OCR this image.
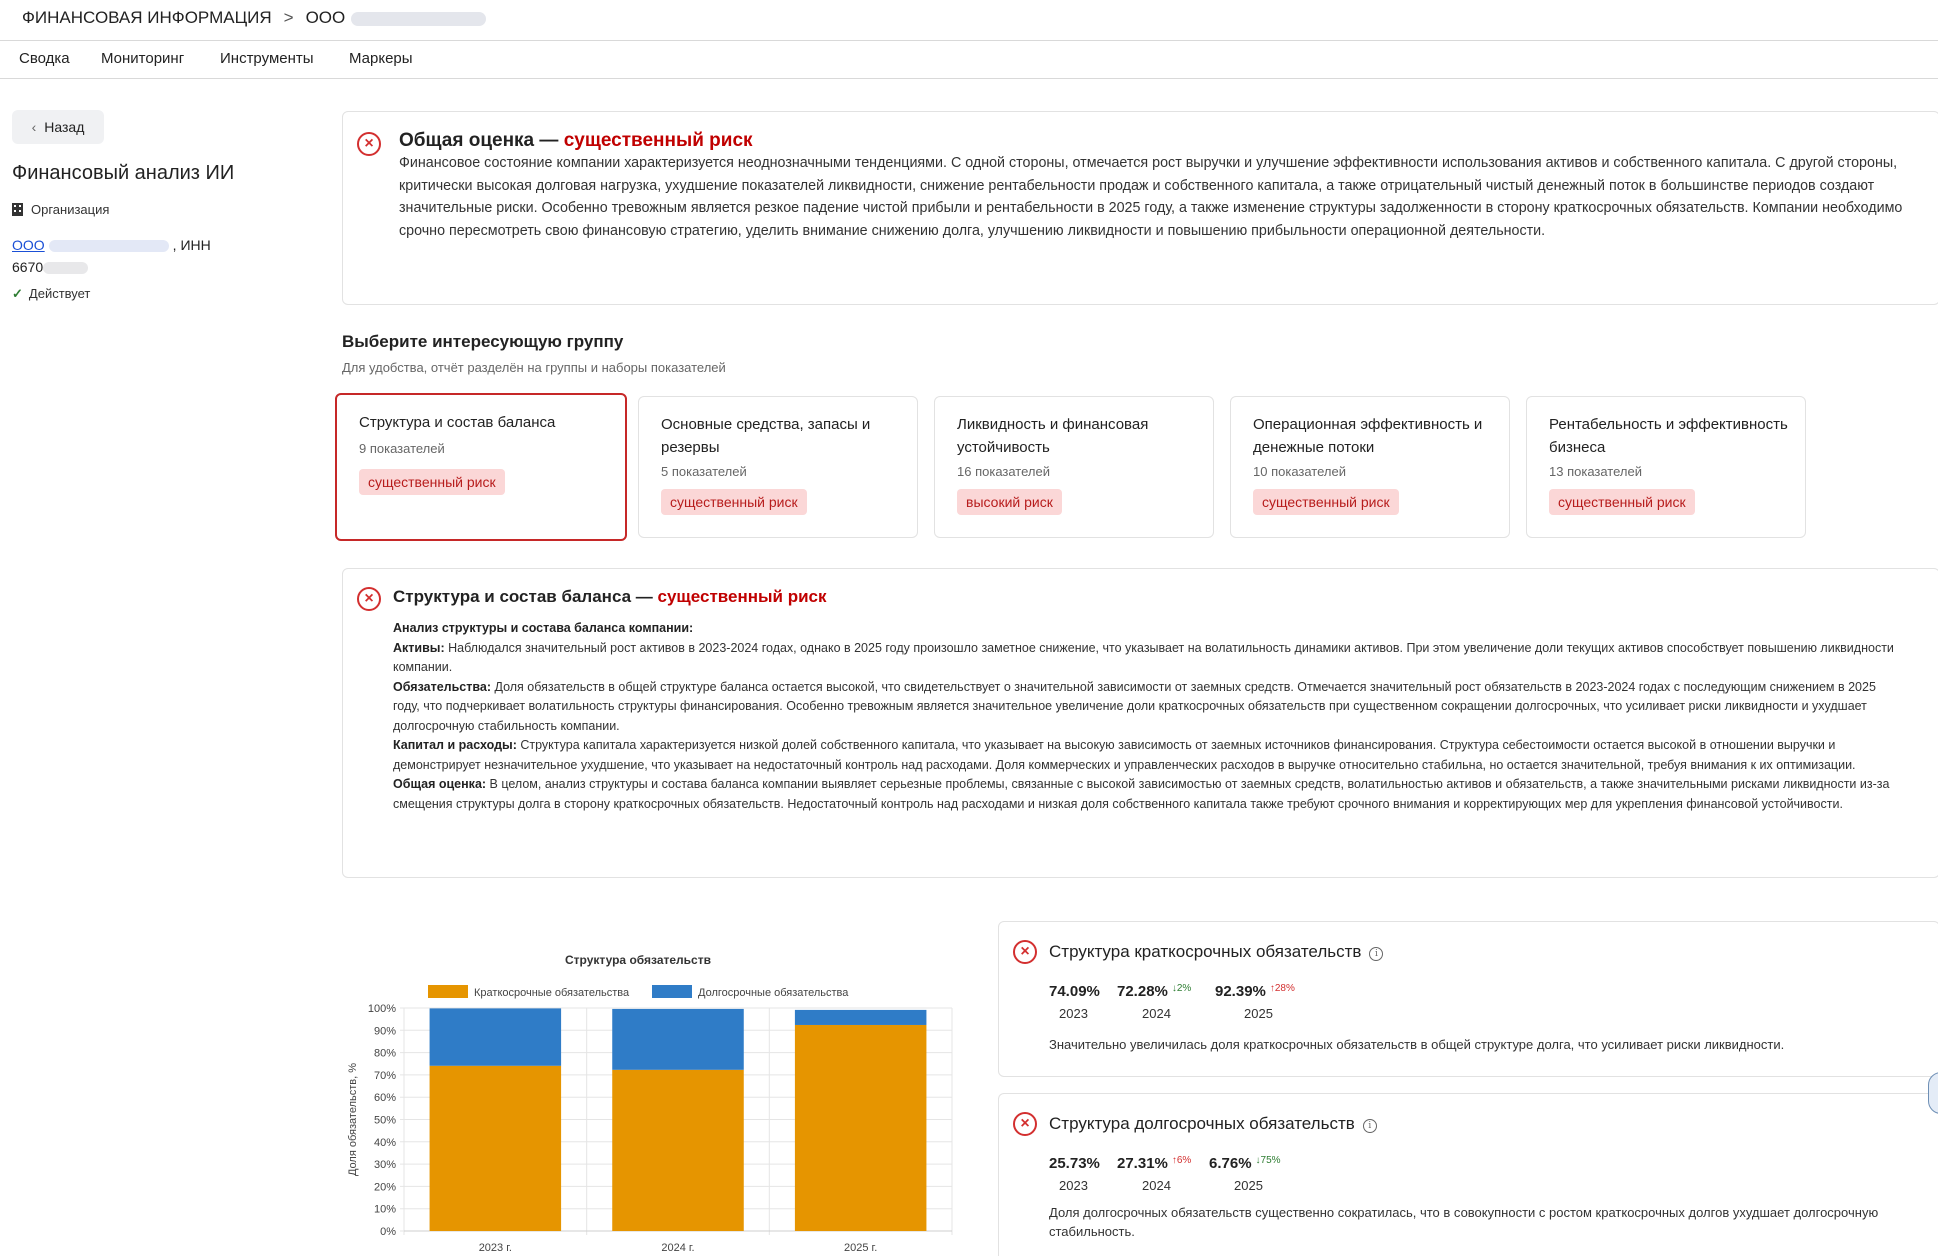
ФИНАНСОВАЯ ИНФОРМАЦИЯ > ООО
Сводка Мониторинг Инструменты Маркеры
‹ Назад
Финансовый анализ ИИ
Организация
ООО	, ИНН
6670
✓ Действует
×	Общая оценка — существенный риск
Финансовое состояние компании характеризуется неоднозначными тенденциями. С одной стороны, отмечается рост выручки и улучшение эффективности использования активов и собственного капитала. С другой стороны, критически высокая долговая нагрузка, ухудшение показателей ликвидности, снижение рентабельности продаж и собственного капитала, а также отрицательный чистый денежный поток в большинстве периодов создают значительные риски. Особенно тревожным является резкое падение чистой прибыли и рентабельности в 2025 году, а также изменение структуры задолженности в сторону краткосрочных обязательств. Компании необходимо срочно пересмотреть свою финансовую стратегию, уделить внимание снижению долга, улучшению ликвидности и повышению прибыльности операционной деятельности.
Выберите интересующую группу
Для удобства, отчёт разделён на группы и наборы показателей
Структура и состав баланса
9 показателей
существенный риск
Основные средства, запасы и резервы
5 показателей
существенный риск
Ликвидность и финансовая устойчивость
16 показателей
высокий риск
Операционная эффективность и денежные потоки
10 показателей
существенный риск
Рентабельность и эффективность бизнеса
13 показателей
существенный риск
×	Структура и состав баланса — существенный риск
Анализ структуры и состава баланса компании:
Активы: Наблюдался значительный рост активов в 2023-2024 годах, однако в 2025 году произошло заметное снижение, что указывает на волатильность динамики активов. При этом увеличение доли текущих активов способствует повышению ликвидности компании.
Обязательства: Доля обязательств в общей структуре баланса остается высокой, что свидетельствует о значительной зависимости от заемных средств. Отмечается значительный рост обязательств в 2023-2024 годах с последующим снижением в 2025 году, что подчеркивает волатильность структуры финансирования. Особенно тревожным является значительное увеличение доли краткосрочных обязательств при существенном сокращении долгосрочных, что усиливает риски ликвидности и ухудшает долгосрочную стабильность компании.
Капитал и расходы: Структура капитала характеризуется низкой долей собственного капитала, что указывает на высокую зависимость от заемных источников финансирования. Структура себестоимости остается высокой в отношении выручки и демонстрирует незначительное ухудшение, что указывает на недостаточный контроль над расходами. Доля коммерческих и управленческих расходов в выручке относительно стабильна, но остается значительной, требуя внимания к их оптимизации.
Общая оценка: В целом, анализ структуры и состава баланса компании выявляет серьезные проблемы, связанные с высокой зависимостью от заемных средств, волатильностью активов и обязательств, а также значительными рисками ликвидности из-за смещения структуры долга в сторону краткосрочных обязательств. Недостаточный контроль над расходами и низкая доля собственного капитала также требуют срочного внимания и корректирующих мер для укрепления финансовой устойчивости.
Структура обязательств
Краткосрочные обязательства	Долгосрочные обязательства
0%
10%
20%
30%
40%
50%
60%
70%
80%
90%
100%
Доля обязательств, %
2023 г.	2024 г.	2025 г.
×	Структура краткосрочных обязательств i
74.09% 72.28% $^{↓2\%}$ 92.39% $^{↑28\%}$
2023	2024	2025
Значительно увеличилась доля краткосрочных обязательств в общей структуре долга, что усиливает риски ликвидности.
×	Структура долгосрочных обязательств i
25.73% 27.31% $^{↑6\%}$ 6.76% $^{↓75\%}$
2023	2024	2025
Доля долгосрочных обязательств существенно сократилась, что в совокупности с ростом краткосрочных долгов ухудшает долгосрочную стабильность.
